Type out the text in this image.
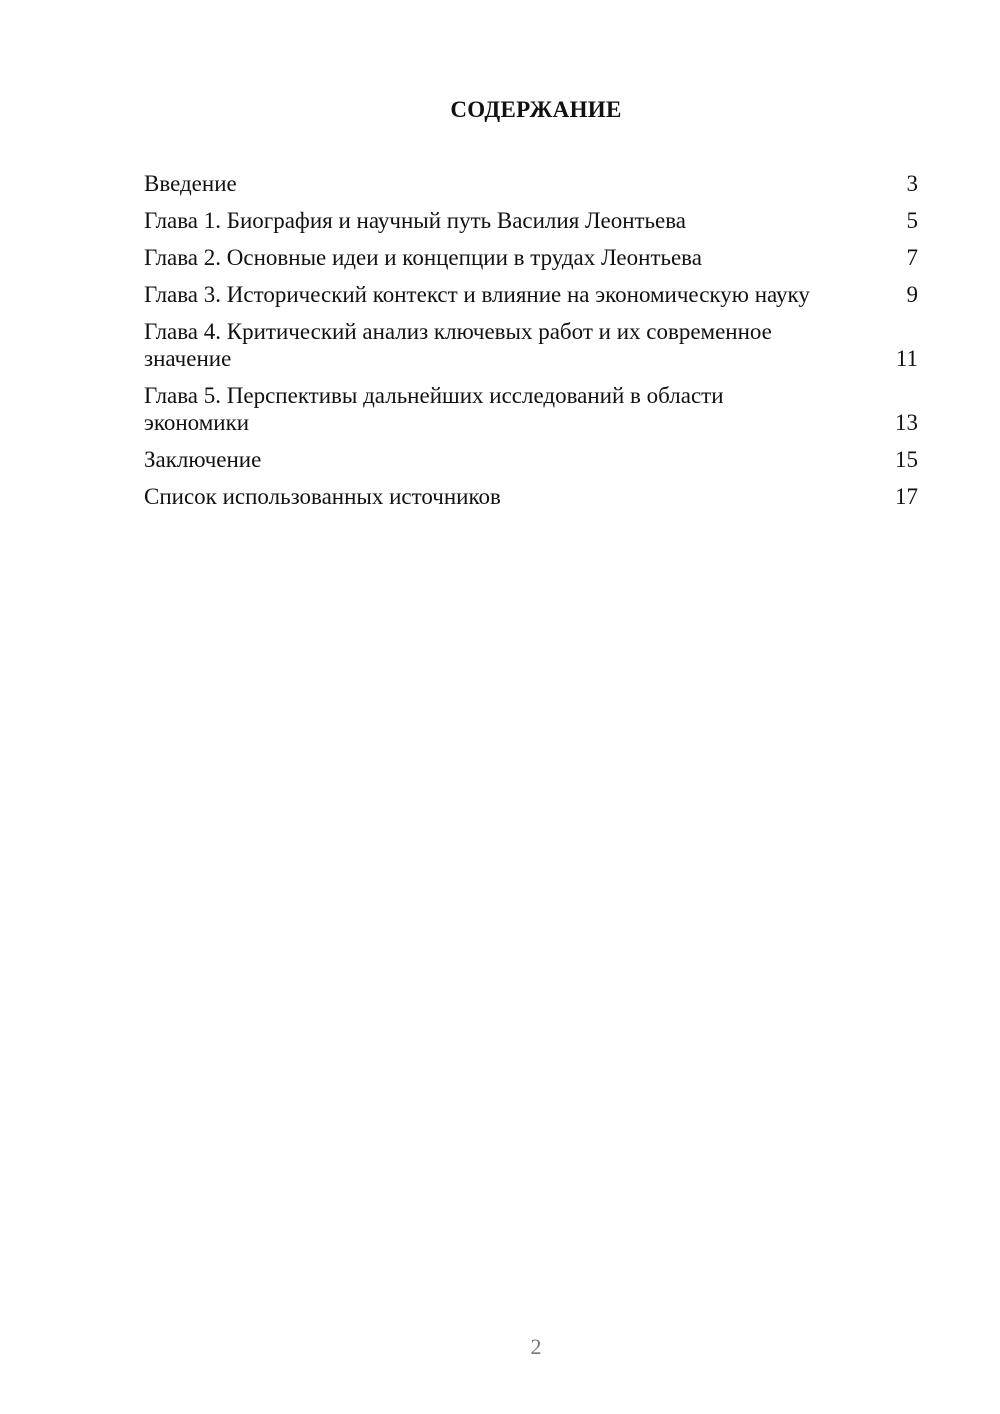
СОДЕРЖАНИЕ
Введение	3
Глава 1. Биография и научный путь Василия Леонтьева	5
Глава 2. Основные идеи и концепции в трудах Леонтьева	7
Глава 3. Исторический контекст и влияние на экономическую науку	9
Глава 4. Критический анализ ключевых работ и их современное значение	11
Глава 5. Перспективы дальнейших исследований в области экономики	13
Заключение	15
Список использованных источников	17
2
